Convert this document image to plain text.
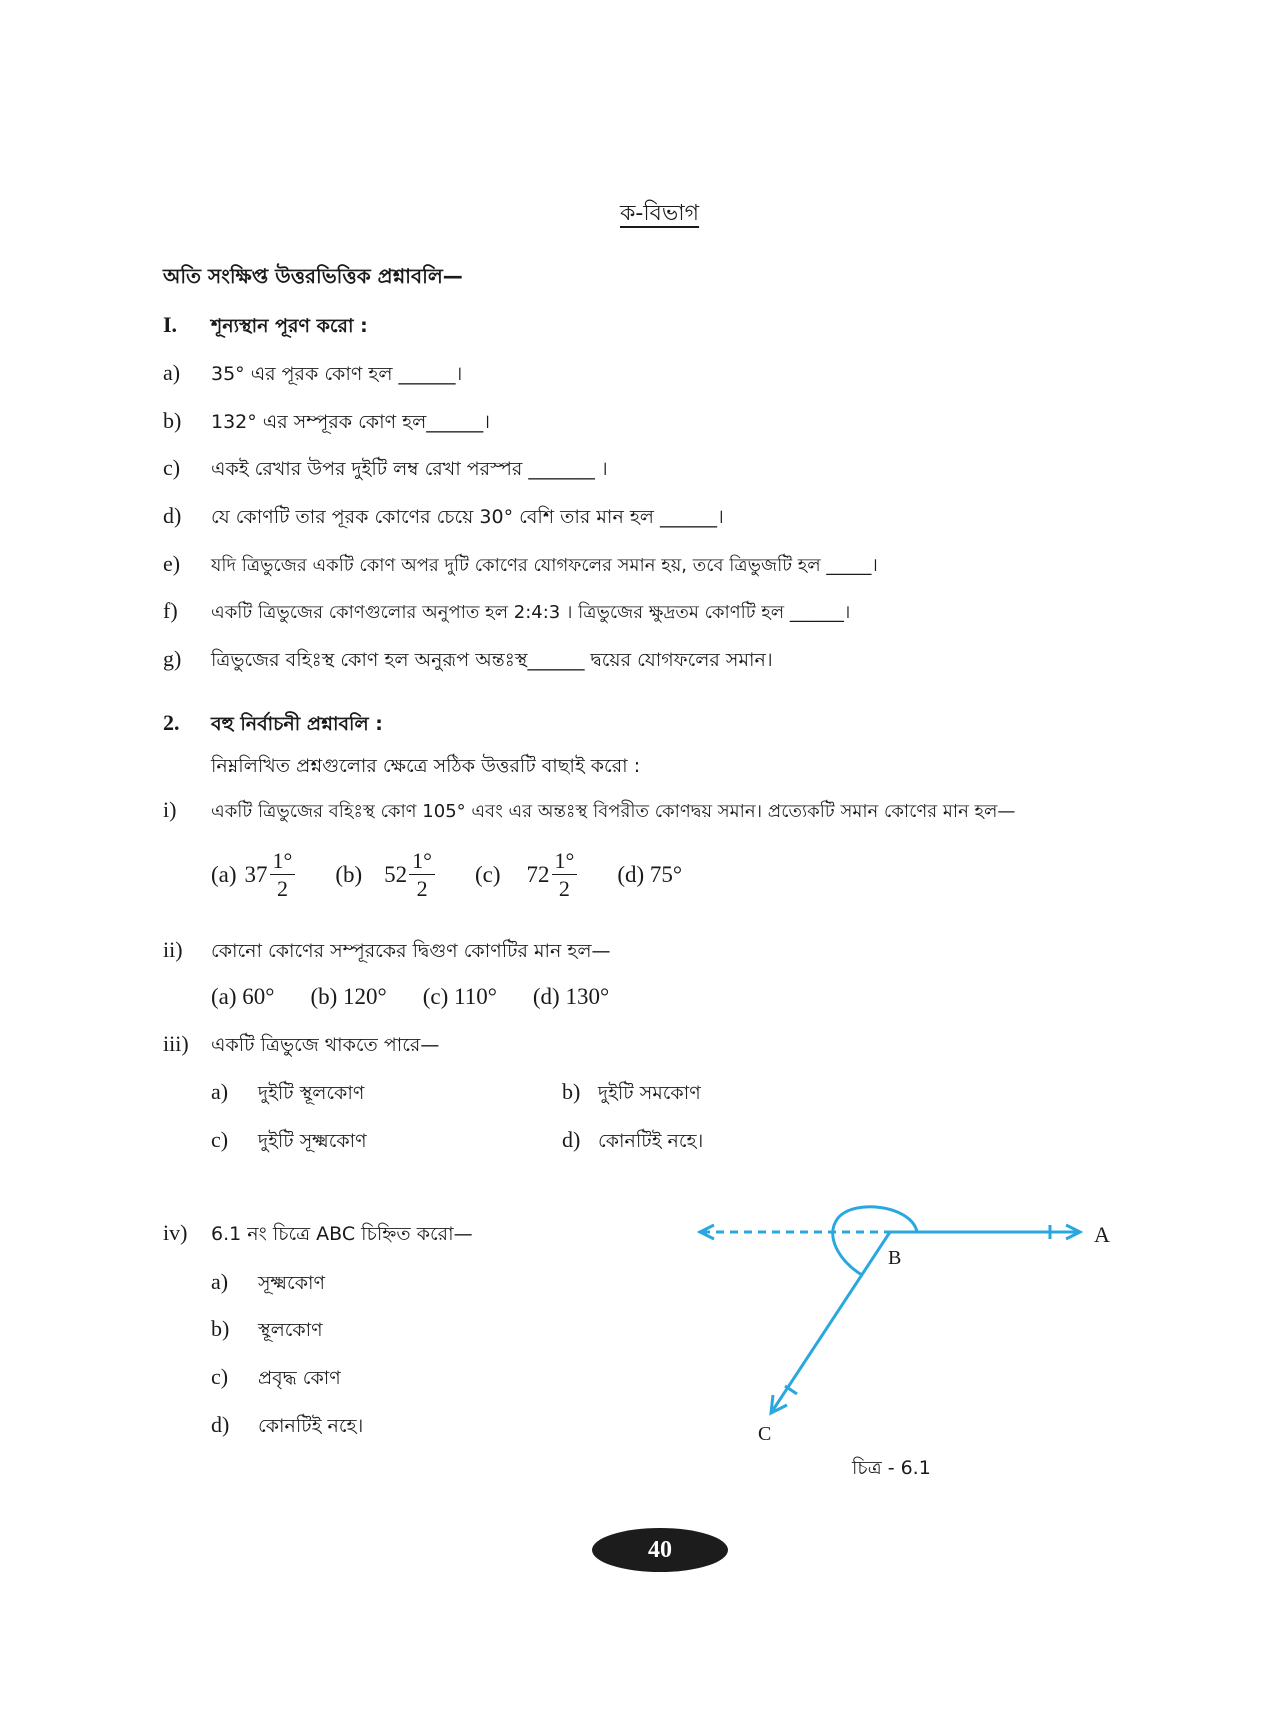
ক-বিভাগ
অতি সংক্ষিপ্ত উত্তরভিত্তিক প্রশ্নাবলি—
I. শূন্যস্থান পূরণ করো :
a) 35° এর পূরক কোণ হল ______।
b) 132° এর সম্পূরক কোণ হল______।
c) একই রেখার উপর দুইটি লম্ব রেখা পরস্পর _______ ।
d) যে কোণটি তার পূরক কোণের চেয়ে 30° বেশি তার মান হল ______।
e) যদি ত্রিভুজের একটি কোণ অপর দুটি কোণের যোগফলের সমান হয়, তবে ত্রিভুজটি হল _____।
f) একটি ত্রিভুজের কোণগুলোর অনুপাত হল 2:4:3 । ত্রিভুজের ক্ষুদ্রতম কোণটি হল ______।
g) ত্রিভুজের বহিঃস্থ কোণ হল অনুরূপ অন্তঃস্থ______ দ্বয়ের যোগফলের সমান।
2. বহু নির্বাচনী প্রশ্নাবলি :
নিম্নলিখিত প্রশ্নগুলোর ক্ষেত্রে সঠিক উত্তরটি বাছাই করো :
i) একটি ত্রিভুজের বহিঃস্থ কোণ 105° এবং এর অন্তঃস্থ বিপরীত কোণদ্বয় সমান। প্রত্যেকটি সমান কোণের মান হল—
(a) $37 \frac{1^\circ}{2} (b)$ $52 \frac{1^\circ}{2} (c)$ $72 \frac{1^\circ}{2} (d)$ 75°
ii) কোনো কোণের সম্পূরকের দ্বিগুণ কোণটির মান হল—
(a) 60° (b) 120° (c) 110° (d) 130°
iii) একটি ত্রিভুজে থাকতে পারে—
a) দুইটি স্থূলকোণ	b) দুইটি সমকোণ
c) দুইটি সূক্ষ্মকোণ	d) কোনটিই নহে।
iv) 6.1 নং চিত্রে ABC চিহ্নিত করো—
a) সূক্ষ্মকোণ
b) স্থূলকোণ
c) প্রবৃদ্ধ কোণ
d) কোনটিই নহে।
A
B
C
চিত্র - 6.1
40
